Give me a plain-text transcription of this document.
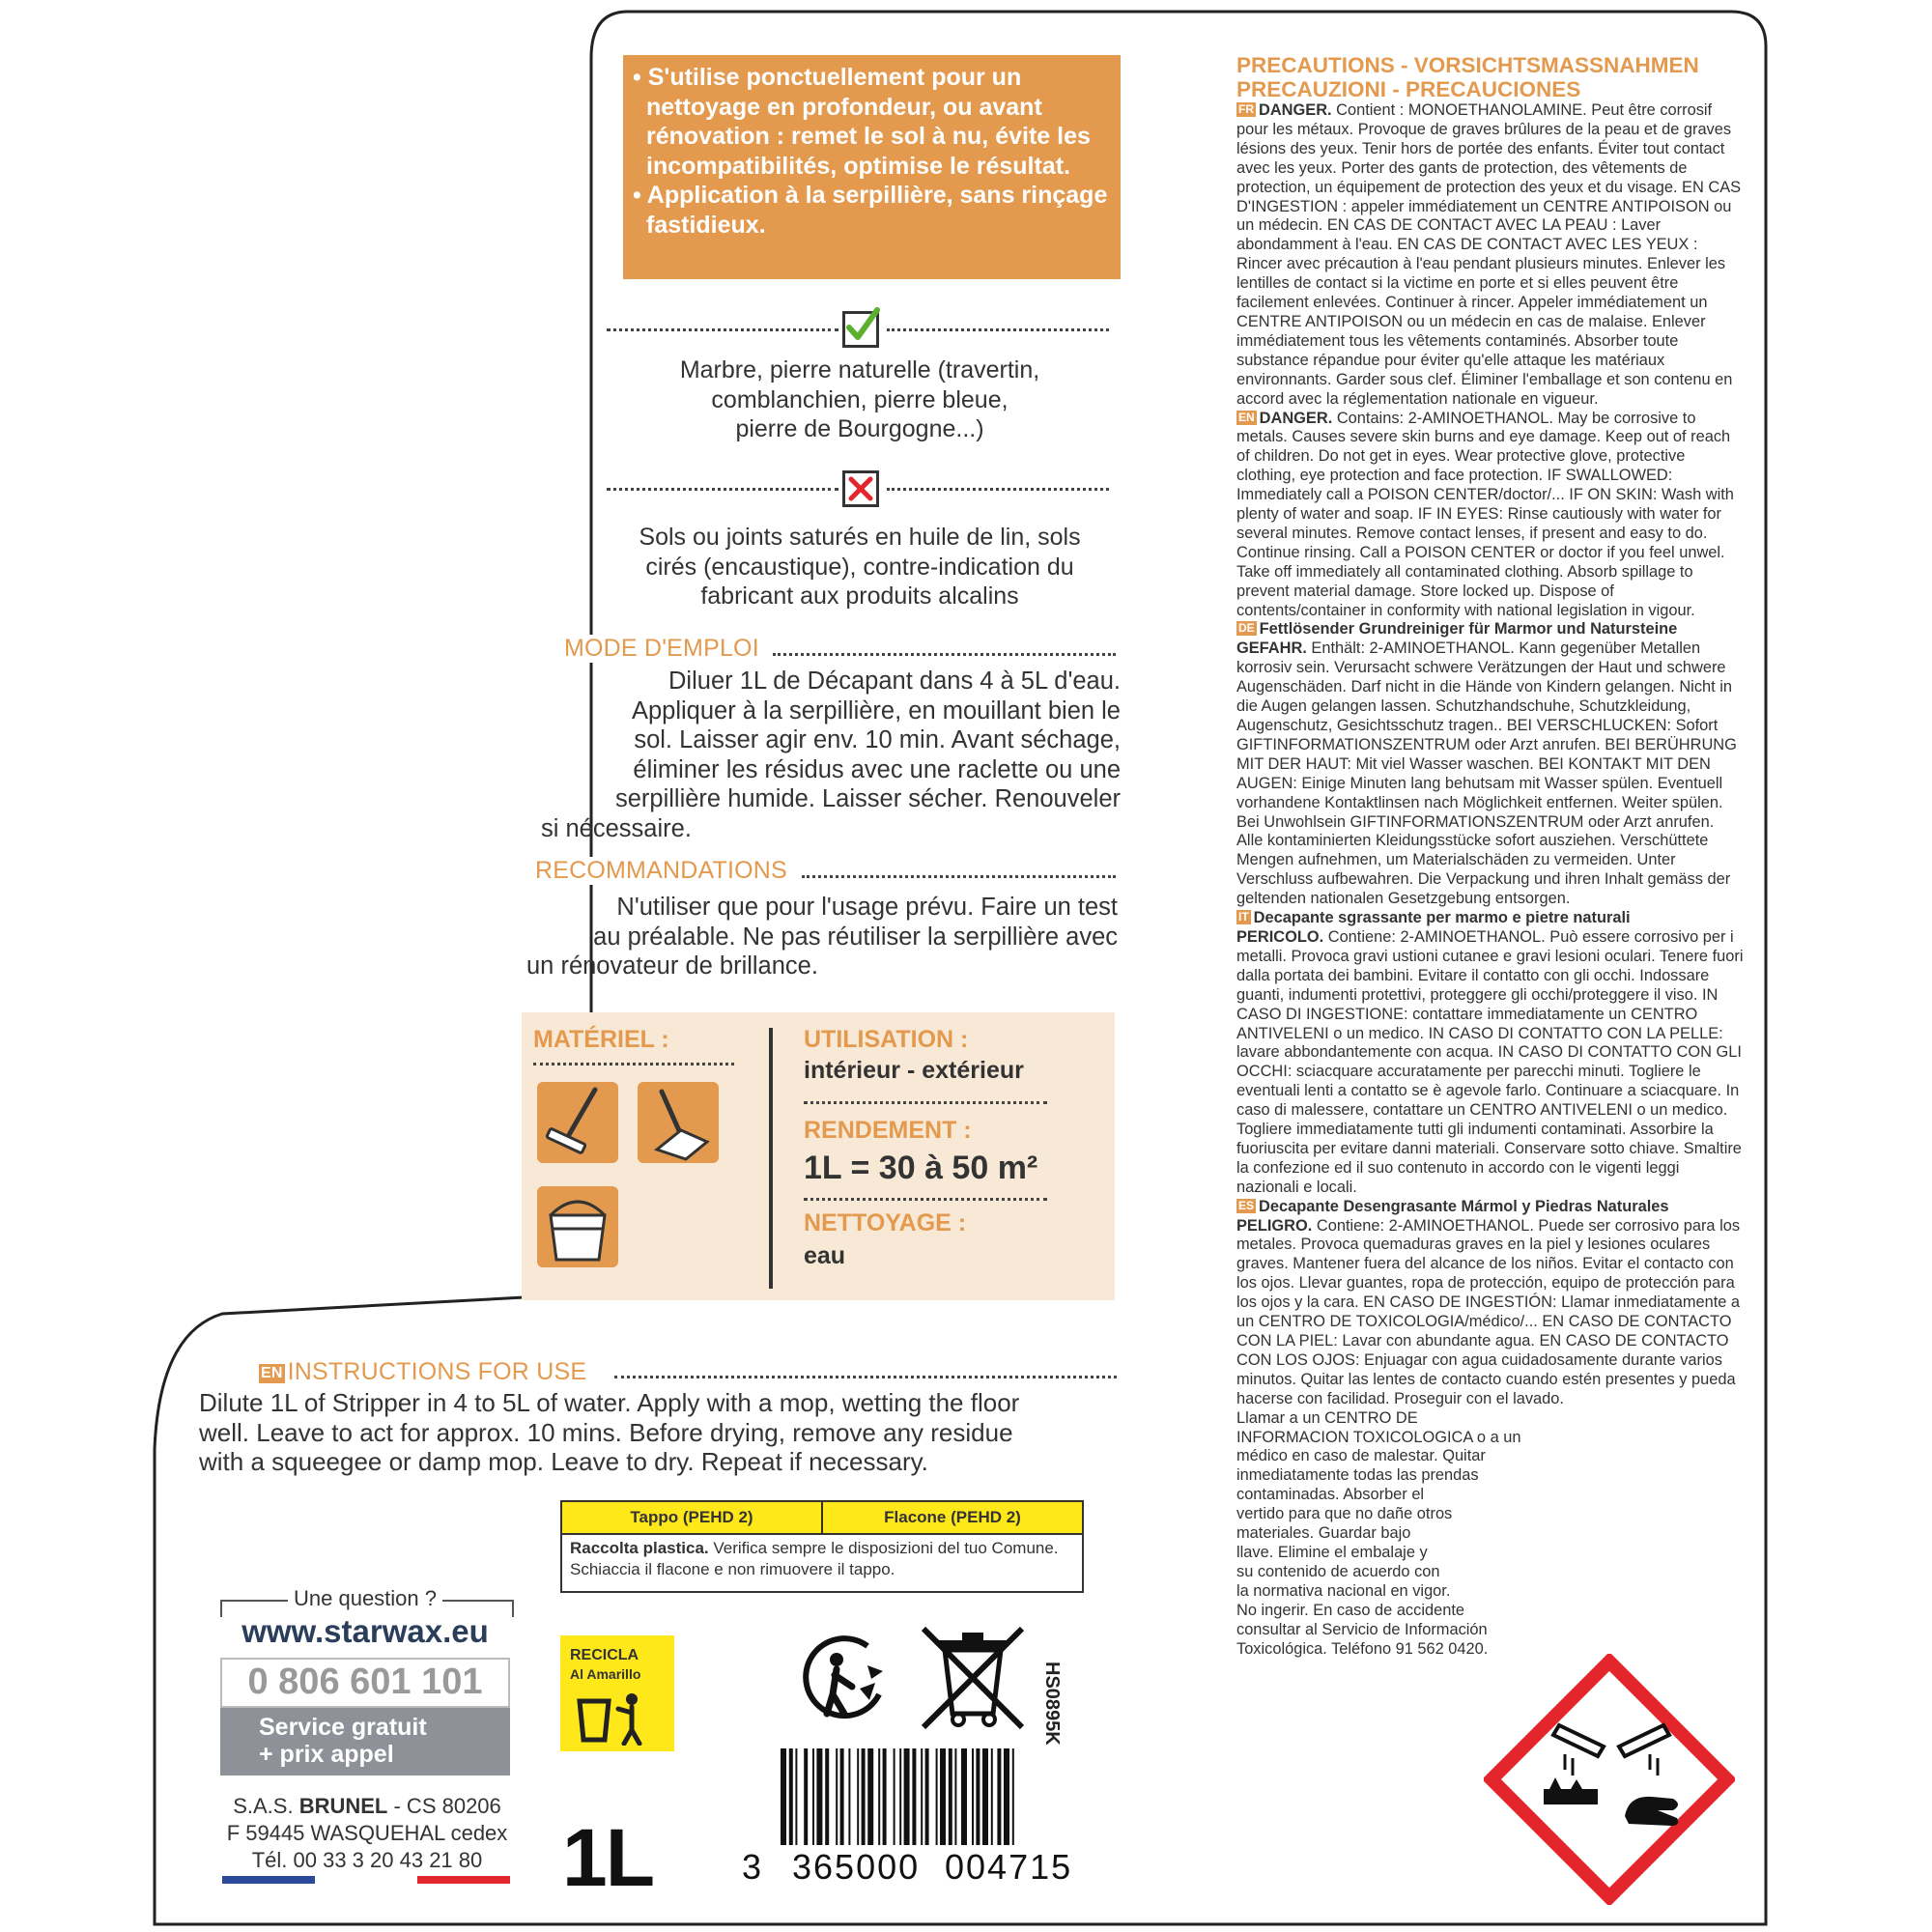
• S'utilise ponctuellement pour un nettoyage en profondeur, ou avant rénovation : remet le sol à nu, évite les incompatibilités, optimise le résultat.
• Application à la serpillière, sans rinçage fastidieux.
Marbre, pierre naturelle (travertin,
comblanchien, pierre bleue,
pierre de Bourgogne...)
Sols ou joints saturés en huile de lin, sols
cirés (encaustique), contre-indication du
fabricant aux produits alcalins
MODE D'EMPLOI
Diluer 1L de Décapant dans 4 à 5L d'eau.
Appliquer à la serpillière, en mouillant bien le
sol. Laisser agir env. 10 min. Avant séchage,
éliminer les résidus avec une raclette ou une
serpillière humide. Laisser sécher. Renouveler
si nécessaire.
RECOMMANDATIONS
N'utiliser que pour l'usage prévu. Faire un test
au préalable. Ne pas réutiliser la serpillière avec
un rénovateur de brillance.
MATÉRIEL :	UTILISATION :
intérieur - extérieur
RENDEMENT :
1L = 30 à 50 m²
NETTOYAGE :
eau
EN INSTRUCTIONS FOR USE
Dilute 1L of Stripper in 4 to 5L of water. Apply with a mop, wetting the floor
well. Leave to act for approx. 10 mins. Before drying, remove any residue
with a squeegee or damp mop. Leave to dry. Repeat if necessary.
Tappo (PEHD 2)	Flacone (PEHD 2)
Raccolta plastica. Verifica sempre le disposizioni del tuo Comune. Schiaccia il flacone e non rimuovere il tappo.
Une question ?
www.starwax.eu
0 806 601 101
Service gratuit
+ prix appel
S.A.S. BRUNEL - CS 80206
F 59445 WASQUEHAL cedex
Tél. 00 33 3 20 43 21 80
RECICLA
Al Amarillo
1L
HS0895K
3 365000 004715
PRECAUTIONS - VORSICHTSMASSNAHMEN
PRECAUZIONI - PRECAUCIONES

FR DANGER. Contient : MONOETHANOLAMINE. Peut être corrosif pour les métaux. Provoque de graves brûlures de la peau et de graves lésions des yeux. Tenir hors de portée des enfants. Éviter tout contact avec les yeux. Porter des gants de protection, des vêtements de protection, un équipement de protection des yeux et du visage. EN CAS D'INGESTION : appeler immédiatement un CENTRE ANTIPOISON ou un médecin. EN CAS DE CONTACT AVEC LA PEAU : Laver abondamment à l'eau. EN CAS DE CONTACT AVEC LES YEUX : Rincer avec précaution à l'eau pendant plusieurs minutes. Enlever les lentilles de contact si la victime en porte et si elles peuvent être facilement enlevées. Continuer à rincer. Appeler immédiatement un CENTRE ANTIPOISON ou un médecin en cas de malaise. Enlever immédiatement tous les vêtements contaminés. Absorber toute substance répandue pour éviter qu'elle attaque les matériaux environnants. Garder sous clef. Éliminer l'emballage et son contenu en accord avec la réglementation nationale en vigueur.

EN DANGER. Contains: 2-AMINOETHANOL. May be corrosive to metals. Causes severe skin burns and eye damage. Keep out of reach of children. Do not get in eyes. Wear protective glove, protective clothing, eye protection and face protection. IF SWALLOWED: Immediately call a POISON CENTER/doctor/... IF ON SKIN: Wash with plenty of water and soap. IF IN EYES: Rinse cautiously with water for several minutes. Remove contact lenses, if present and easy to do. Continue rinsing. Call a POISON CENTER or doctor if you feel unwel. Take off immediately all contaminated clothing. Absorb spillage to prevent material damage. Store locked up. Dispose of contents/container in conformity with national legislation in vigour.

DE Fettlösender Grundreiniger für Marmor und Natursteine
GEFAHR. Enthält: 2-AMINOETHANOL. Kann gegenüber Metallen korrosiv sein. Verursacht schwere Verätzungen der Haut und schwere Augenschäden. Darf nicht in die Hände von Kindern gelangen. Nicht in die Augen gelangen lassen. Schutzhandschuhe, Schutzkleidung, Augenschutz, Gesichtsschutz tragen.. BEI VERSCHLUCKEN: Sofort GIFTINFORMATIONSZENTRUM oder Arzt anrufen. BEI BERÜHRUNG MIT DER HAUT: Mit viel Wasser waschen. BEI KONTAKT MIT DEN AUGEN: Einige Minuten lang behutsam mit Wasser spülen. Eventuell vorhandene Kontaktlinsen nach Möglichkeit entfernen. Weiter spülen. Bei Unwohlsein GIFTINFORMATIONSZENTRUM oder Arzt anrufen. Alle kontaminierten Kleidungsstücke sofort ausziehen. Verschüttete Mengen aufnehmen, um Materialschäden zu vermeiden. Unter Verschluss aufbewahren. Die Verpackung und ihren Inhalt gemäss der geltenden nationalen Gesetzgebung entsorgen.

IT Decapante sgrassante per marmo e pietre naturali
PERICOLO. Contiene: 2-AMINOETHANOL. Può essere corrosivo per i metalli. Provoca gravi ustioni cutanee e gravi lesioni oculari. Tenere fuori dalla portata dei bambini. Evitare il contatto con gli occhi. Indossare guanti, indumenti protettivi, proteggere gli occhi/proteggere il viso. IN CASO DI INGESTIONE: contattare immediatamente un CENTRO ANTIVELENI o un medico. IN CASO DI CONTATTO CON LA PELLE: lavare abbondantemente con acqua. IN CASO DI CONTATTO CON GLI OCCHI: sciacquare accuratamente per parecchi minuti. Togliere le eventuali lenti a contatto se è agevole farlo. Continuare a sciacquare. In caso di malessere, contattare un CENTRO ANTIVELENI o un medico. Togliere immediatamente tutti gli indumenti contaminati. Assorbire la fuoriuscita per evitare danni materiali. Conservare sotto chiave. Smaltire la confezione ed il suo contenuto in accordo con le vigenti leggi nazionali e locali.

ES Decapante Desengrasante Mármol y Piedras Naturales
PELIGRO. Contiene: 2-AMINOETHANOL. Puede ser corrosivo para los metales. Provoca quemaduras graves en la piel y lesiones oculares graves. Mantener fuera del alcance de los niños. Evitar el contacto con los ojos. Llevar guantes, ropa de protección, equipo de protección para los ojos y la cara. EN CASO DE INGESTIÓN: Llamar inmediatamente a un CENTRO DE TOXICOLOGIA/médico/... EN CASO DE CONTACTO CON LA PIEL: Lavar con abundante agua. EN CASO DE CONTACTO CON LOS OJOS: Enjuagar con agua cuidadosamente durante varios minutos. Quitar las lentes de contacto cuando estén presentes y pueda hacerse con facilidad. Proseguir con el lavado.

Llamar a un CENTRO DE
INFORMACION TOXICOLOGICA o a un
médico en caso de malestar. Quitar
inmediatamente todas las prendas
contaminadas. Absorber el
vertido para que no dañe otros
materiales. Guardar bajo
llave. Elimine el embalaje y
su contenido de acuerdo con
la normativa nacional en vigor.
No ingerir. En caso de accidente
consultar al Servicio de Información
Toxicológica. Teléfono 91 562 0420.
